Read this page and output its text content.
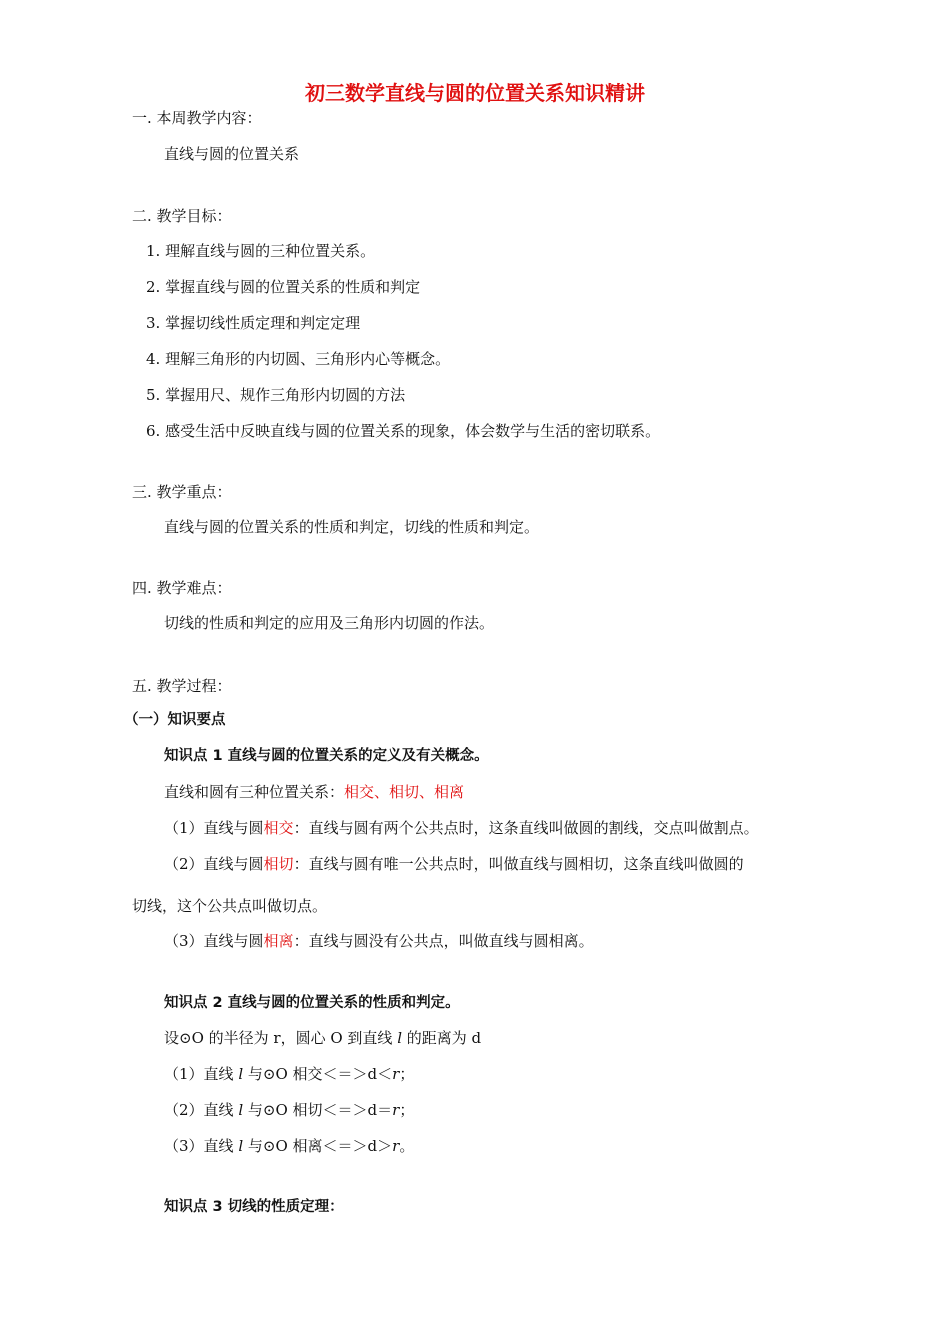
初三数学直线与圆的位置关系知识精讲
一. 本周教学内容：
直线与圆的位置关系
二. 教学目标：
1. 理解直线与圆的三种位置关系。
2. 掌握直线与圆的位置关系的性质和判定
3. 掌握切线性质定理和判定定理
4. 理解三角形的内切圆、三角形内心等概念。
5. 掌握用尺、规作三角形内切圆的方法
6. 感受生活中反映直线与圆的位置关系的现象，体会数学与生活的密切联系。
三. 教学重点：
直线与圆的位置关系的性质和判定，切线的性质和判定。
四. 教学难点：
切线的性质和判定的应用及三角形内切圆的作法。
五. 教学过程：
（一）知识要点
知识点 1 直线与圆的位置关系的定义及有关概念。
直线和圆有三种位置关系：相交、相切、相离
（1）直线与圆相交：直线与圆有两个公共点时，这条直线叫做圆的割线，交点叫做割点。
（2）直线与圆相切：直线与圆有唯一公共点时，叫做直线与圆相切，这条直线叫做圆的
切线，这个公共点叫做切点。
（3）直线与圆相离：直线与圆没有公共点，叫做直线与圆相离。
知识点 2 直线与圆的位置关系的性质和判定。
设⊙O 的半径为 r，圆心 O 到直线 l 的距离为 d
（1）直线 l 与⊙O 相交＜＝＞d＜r；
（2）直线 l 与⊙O 相切＜＝＞d＝r；
（3）直线 l 与⊙O 相离＜＝＞d＞r。
知识点 3 切线的性质定理：
